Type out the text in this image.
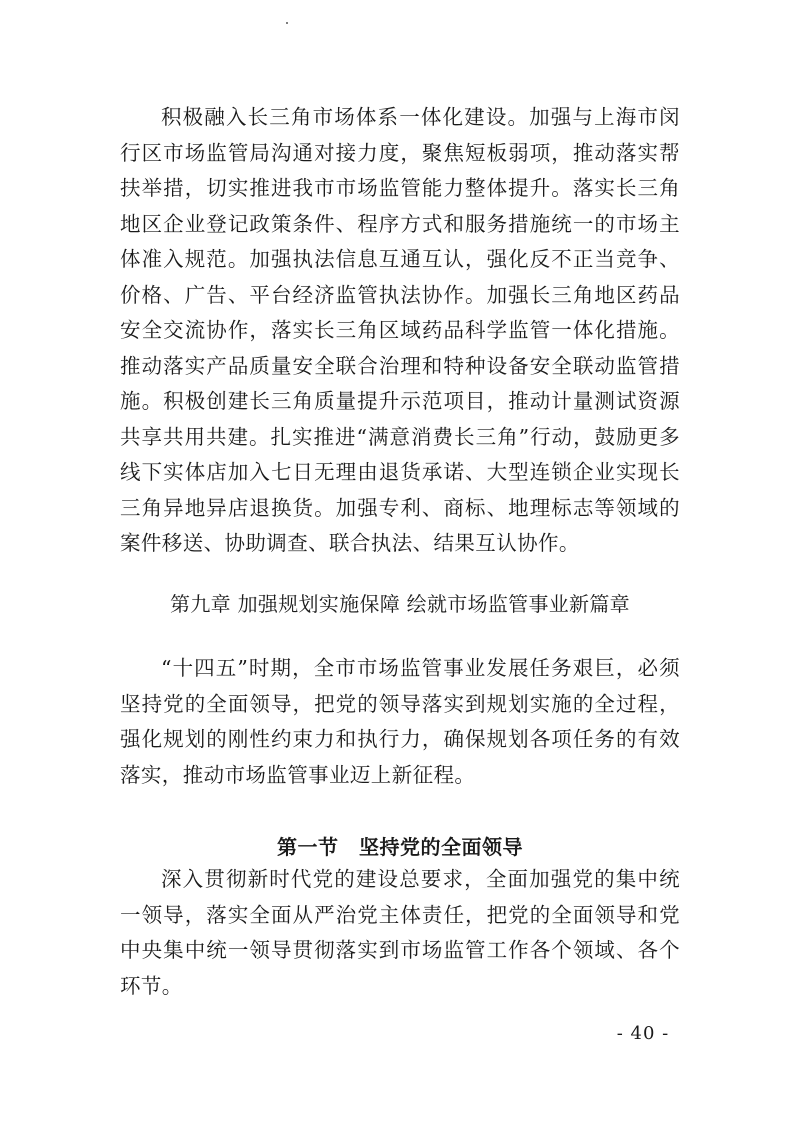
积极融入长三角市场体系一体化建设。加强与上海市闵行区市场监管局沟通对接力度，聚焦短板弱项，推动落实帮扶举措，切实推进我市市场监管能力整体提升。落实长三角地区企业登记政策条件、程序方式和服务措施统一的市场主体准入规范。加强执法信息互通互认，强化反不正当竞争、价格、广告、平台经济监管执法协作。加强长三角地区药品安全交流协作，落实长三角区域药品科学监管一体化措施。推动落实产品质量安全联合治理和特种设备安全联动监管措施。积极创建长三角质量提升示范项目，推动计量测试资源共享共用共建。扎实推进“满意消费长三角”行动，鼓励更多线下实体店加入七日无理由退货承诺、大型连锁企业实现长三角异地异店退换货。加强专利、商标、地理标志等领域的案件移送、协助调查、联合执法、结果互认协作。

第九章 加强规划实施保障 绘就市场监管事业新篇章

“十四五”时期，全市市场监管事业发展任务艰巨，必须坚持党的全面领导，把党的领导落实到规划实施的全过程，强化规划的刚性约束力和执行力，确保规划各项任务的有效落实，推动市场监管事业迈上新征程。

第一节　坚持党的全面领导

深入贯彻新时代党的建设总要求，全面加强党的集中统一领导，落实全面从严治党主体责任，把党的全面领导和党中央集中统一领导贯彻落实到市场监管工作各个领域、各个环节。

- 40 -
